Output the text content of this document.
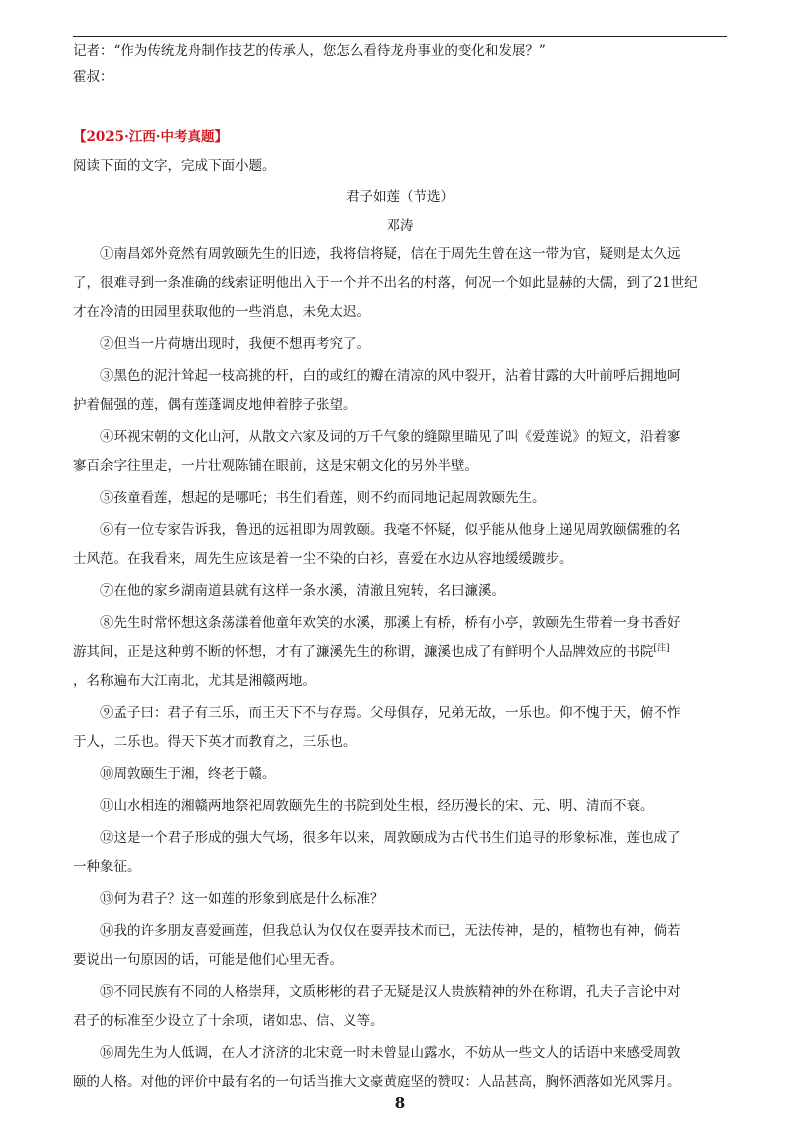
记者：“作为传统龙舟制作技艺的传承人，您怎么看待龙舟事业的变化和发展？”
霍叔：
【2025·江西·中考真题】
阅读下面的文字，完成下面小题。
君子如莲（节选）
邓涛

①南昌郊外竟然有周敦颐先生的旧迹，我将信将疑，信在于周先生曾在这一带为官，疑则是太久远
了，很难寻到一条准确的线索证明他出入于一个并不出名的村落，何况一个如此显赫的大儒，到了21世纪
才在冷清的田园里获取他的一些消息，未免太迟。

②但当一片荷塘出现时，我便不想再考究了。

③黑色的泥汁耸起一枝高挑的杆，白的或红的瓣在清凉的风中裂开，沾着甘露的大叶前呼后拥地呵
护着倔强的莲，偶有莲蓬调皮地伸着脖子张望。

④环视宋朝的文化山河，从散文六家及词的万千气象的缝隙里瞄见了叫《爱莲说》的短文，沿着寥
寥百余字往里走，一片壮观陈铺在眼前，这是宋朝文化的另外半壁。

⑤孩童看莲，想起的是哪吒；书生们看莲，则不约而同地记起周敦颐先生。

⑥有一位专家告诉我，鲁迅的远祖即为周敦颐。我毫不怀疑，似乎能从他身上递见周敦颐儒雅的名
士风范。在我看来，周先生应该是着一尘不染的白衫，喜爱在水边从容地缓缓踱步。

⑦在他的家乡湖南道县就有这样一条水溪，清澈且宛转，名曰濂溪。

⑧先生时常怀想这条荡漾着他童年欢笑的水溪，那溪上有桥，桥有小亭，敦颐先生带着一身书香好
游其间，正是这种剪不断的怀想，才有了濂溪先生的称谓，濂溪也成了有鲜明个人品牌效应的书院[注]
，名称遍布大江南北，尤其是湘赣两地。

⑨孟子曰：君子有三乐，而王天下不与存焉。父母俱存，兄弟无故，一乐也。仰不愧于天，俯不怍
于人，二乐也。得天下英才而教育之，三乐也。

⑩周敦颐生于湘，终老于赣。

⑪山水相连的湘赣两地祭祀周敦颐先生的书院到处生根，经历漫长的宋、元、明、清而不衰。

⑫这是一个君子形成的强大气场，很多年以来，周敦颐成为古代书生们追寻的形象标准，莲也成了
一种象征。

⑬何为君子？这一如莲的形象到底是什么标准？

⑭我的许多朋友喜爱画莲，但我总认为仅仅在耍弄技术而已，无法传神，是的，植物也有神，倘若
要说出一句原因的话，可能是他们心里无香。

⑮不同民族有不同的人格崇拜，文质彬彬的君子无疑是汉人贵族精神的外在称谓，孔夫子言论中对
君子的标准至少设立了十余项，诸如忠、信、义等。

⑯周先生为人低调，在人才济济的北宋竟一时未曾显山露水，不妨从一些文人的话语中来感受周敦
颐的人格。对他的评价中最有名的一句话当推大文豪黄庭坚的赞叹：人品甚高，胸怀洒落如光风霁月。

8
